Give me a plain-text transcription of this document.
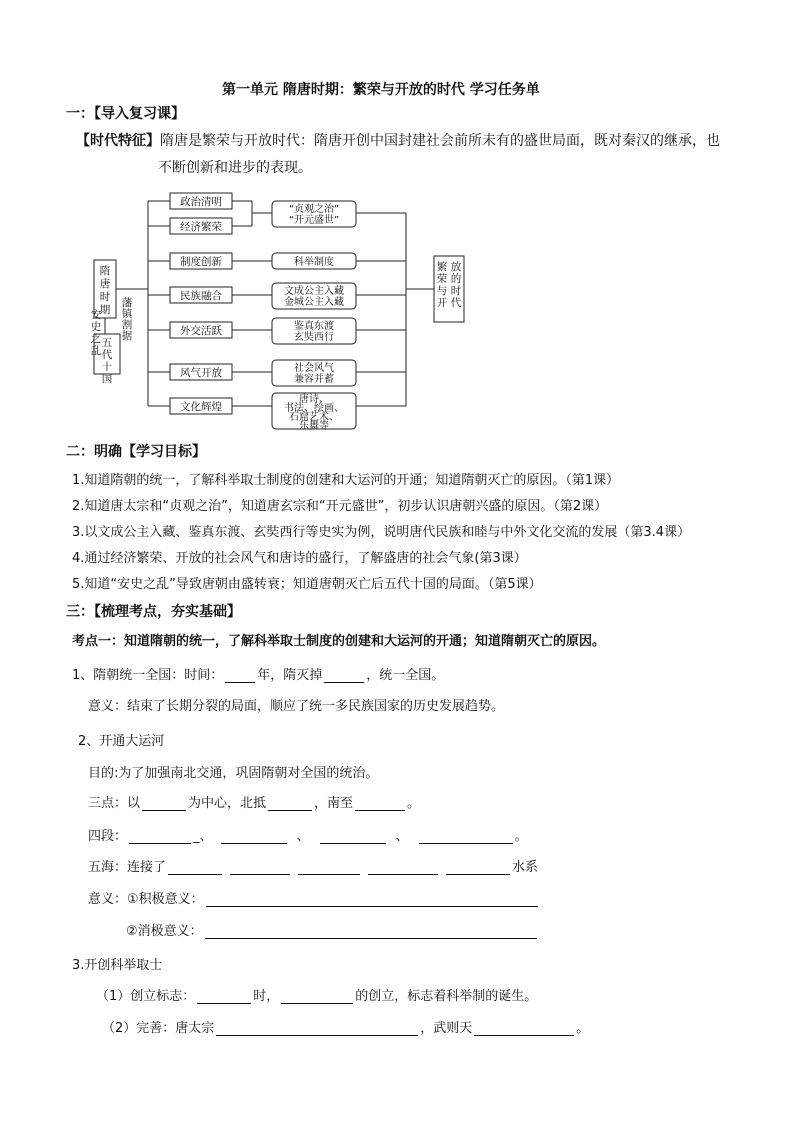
第一单元 隋唐时期：繁荣与开放的时代 学习任务单
一：【导入复习课】
【时代特征】隋唐是繁荣与开放时代：隋唐开创中国封建社会前所未有的盛世局面，既对秦汉的继承，也
不断创新和进步的表现。
隋
唐
时
期
五
代
十
国
安
史
之
乱
藩
镇
割
据
政治清明
经济繁荣
制度创新
民族融合
外交活跃
风气开放
文化辉煌
“贞观之治”
“开元盛世”
科举制度
文成公主入藏
金城公主入藏
鉴真东渡
玄奘西行
社会风气
兼容并蓄
唐诗、
书法、绘画、
石窟艺术、
乐舞等
繁
荣
与
开
放
的
时
代
二：明确【学习目标】
1.知道隋朝的统一，了解科举取士制度的创建和大运河的开通；知道隋朝灭亡的原因。（第1课）
2.知道唐太宗和“贞观之治”，知道唐玄宗和“开元盛世”，初步认识唐朝兴盛的原因。（第2课）
3.以文成公主入藏、鉴真东渡、玄奘西行等史实为例，说明唐代民族和睦与中外文化交流的发展（第3.4课）
4.通过经济繁荣、开放的社会风气和唐诗的盛行，了解盛唐的社会气象(第3课）
5.知道“安史之乱”导致唐朝由盛转衰；知道唐朝灭亡后五代十国的局面。（第5课）
三：【梳理考点，夯实基础】
考点一：知道隋朝的统一，了解科举取士制度的创建和大运河的开通；知道隋朝灭亡的原因。
1、隋朝统一全国：时间：	年，隋灭掉	，统一全国。
意义：结束了长期分裂的局面，顺应了统一多民族国家的历史发展趋势。
2、开通大运河
目的:为了加强南北交通，巩固隋朝对全国的统治。
三点：以	为中心，北抵	，南至	。
四段：	_、	、	、	。
五海：连接了	水系
意义：①积极意义：
②消极意义：
3.开创科举取士
（1）创立标志：	时，	的创立，标志着科举制的诞生。
（2）完善：唐太宗	，武则天	。
